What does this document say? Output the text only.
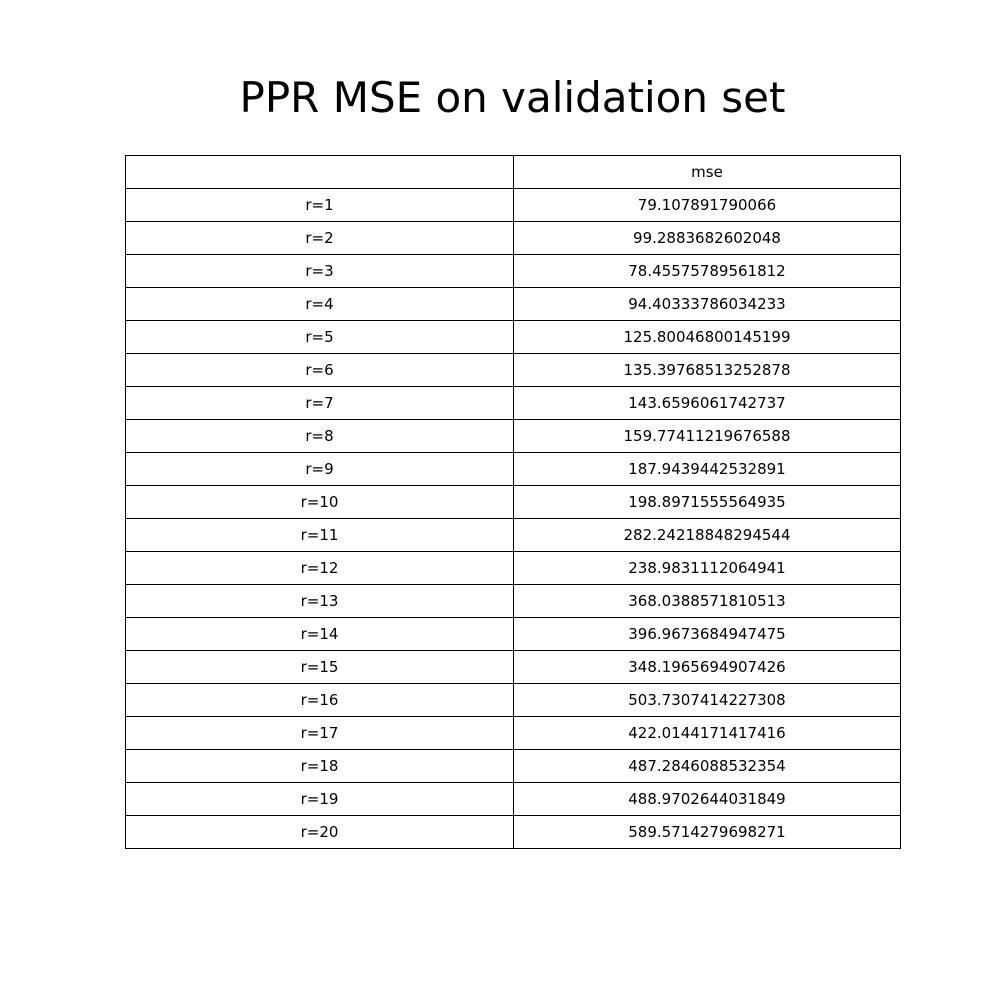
PPR MSE on validation set
	mse
r=1	79.107891790066
r=2	99.2883682602048
r=3	78.45575789561812
r=4	94.40333786034233
r=5	125.80046800145199
r=6	135.39768513252878
r=7	143.6596061742737
r=8	159.77411219676588
r=9	187.9439442532891
r=10	198.8971555564935
r=11	282.24218848294544
r=12	238.9831112064941
r=13	368.0388571810513
r=14	396.9673684947475
r=15	348.1965694907426
r=16	503.7307414227308
r=17	422.0144171417416
r=18	487.2846088532354
r=19	488.9702644031849
r=20	589.5714279698271
